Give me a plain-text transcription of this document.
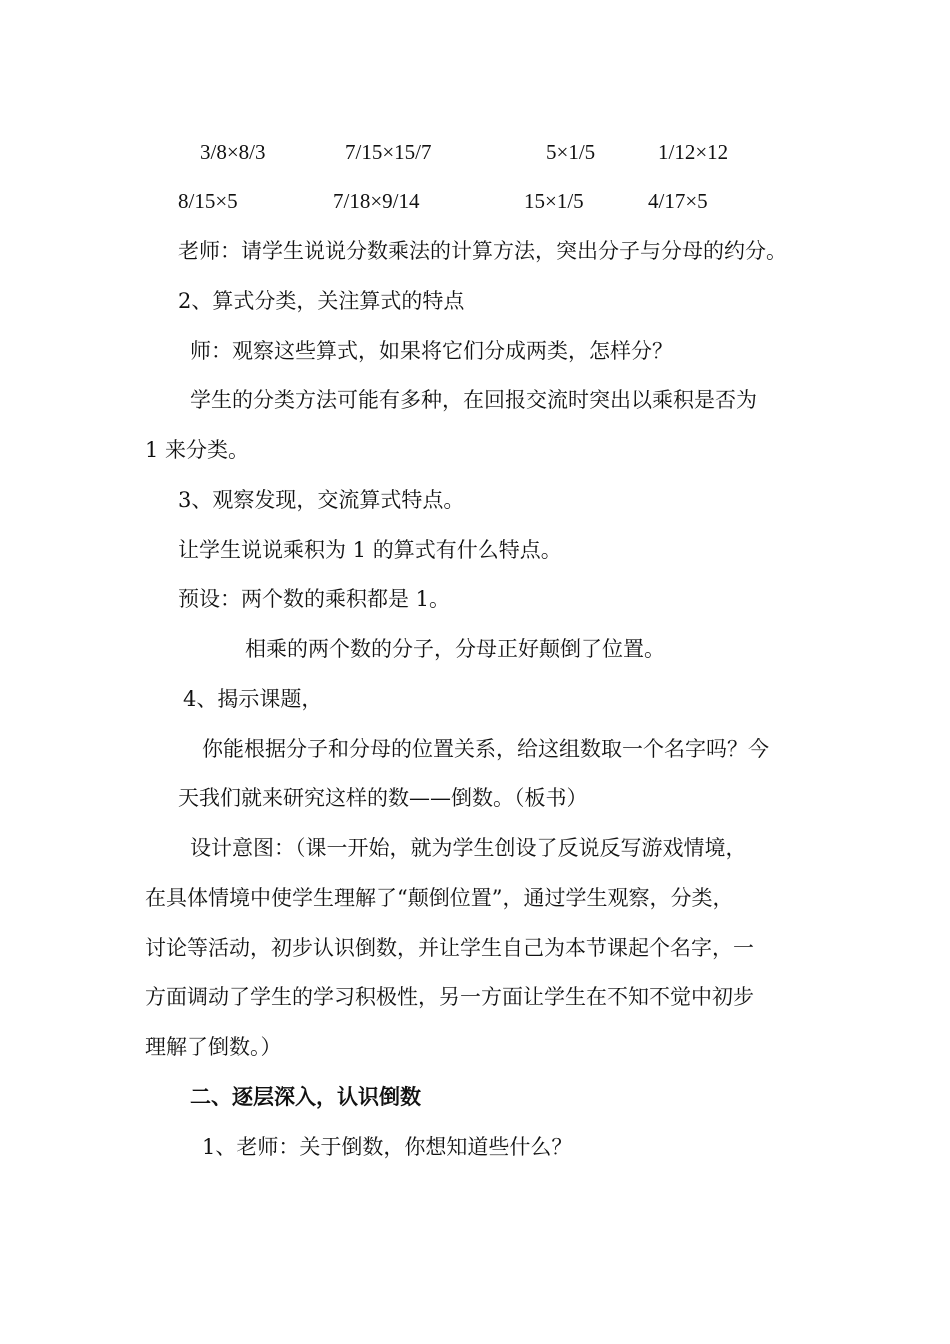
3/8×8/3	7/15×15/7	5×1/5	1/12×12
8/15×5	7/18×9/14	15×1/5	4/17×5
老师：请学生说说分数乘法的计算方法，突出分子与分母的约分。
2、算式分类，关注算式的特点
师：观察这些算式，如果将它们分成两类，怎样分？
学生的分类方法可能有多种，在回报交流时突出以乘积是否为
1 来分类。
3、观察发现，交流算式特点。
让学生说说乘积为 1 的算式有什么特点。
预设：两个数的乘积都是 1。
相乘的两个数的分子，分母正好颠倒了位置。
4、揭示课题，
你能根据分子和分母的位置关系，给这组数取一个名字吗？今
天我们就来研究这样的数——倒数。（板书）
设计意图：（课一开始，就为学生创设了反说反写游戏情境，
在具体情境中使学生理解了“颠倒位置”，通过学生观察，分类，
讨论等活动，初步认识倒数，并让学生自己为本节课起个名字，一
方面调动了学生的学习积极性，另一方面让学生在不知不觉中初步
理解了倒数。）
二、逐层深入，认识倒数
1、老师：关于倒数，你想知道些什么？
